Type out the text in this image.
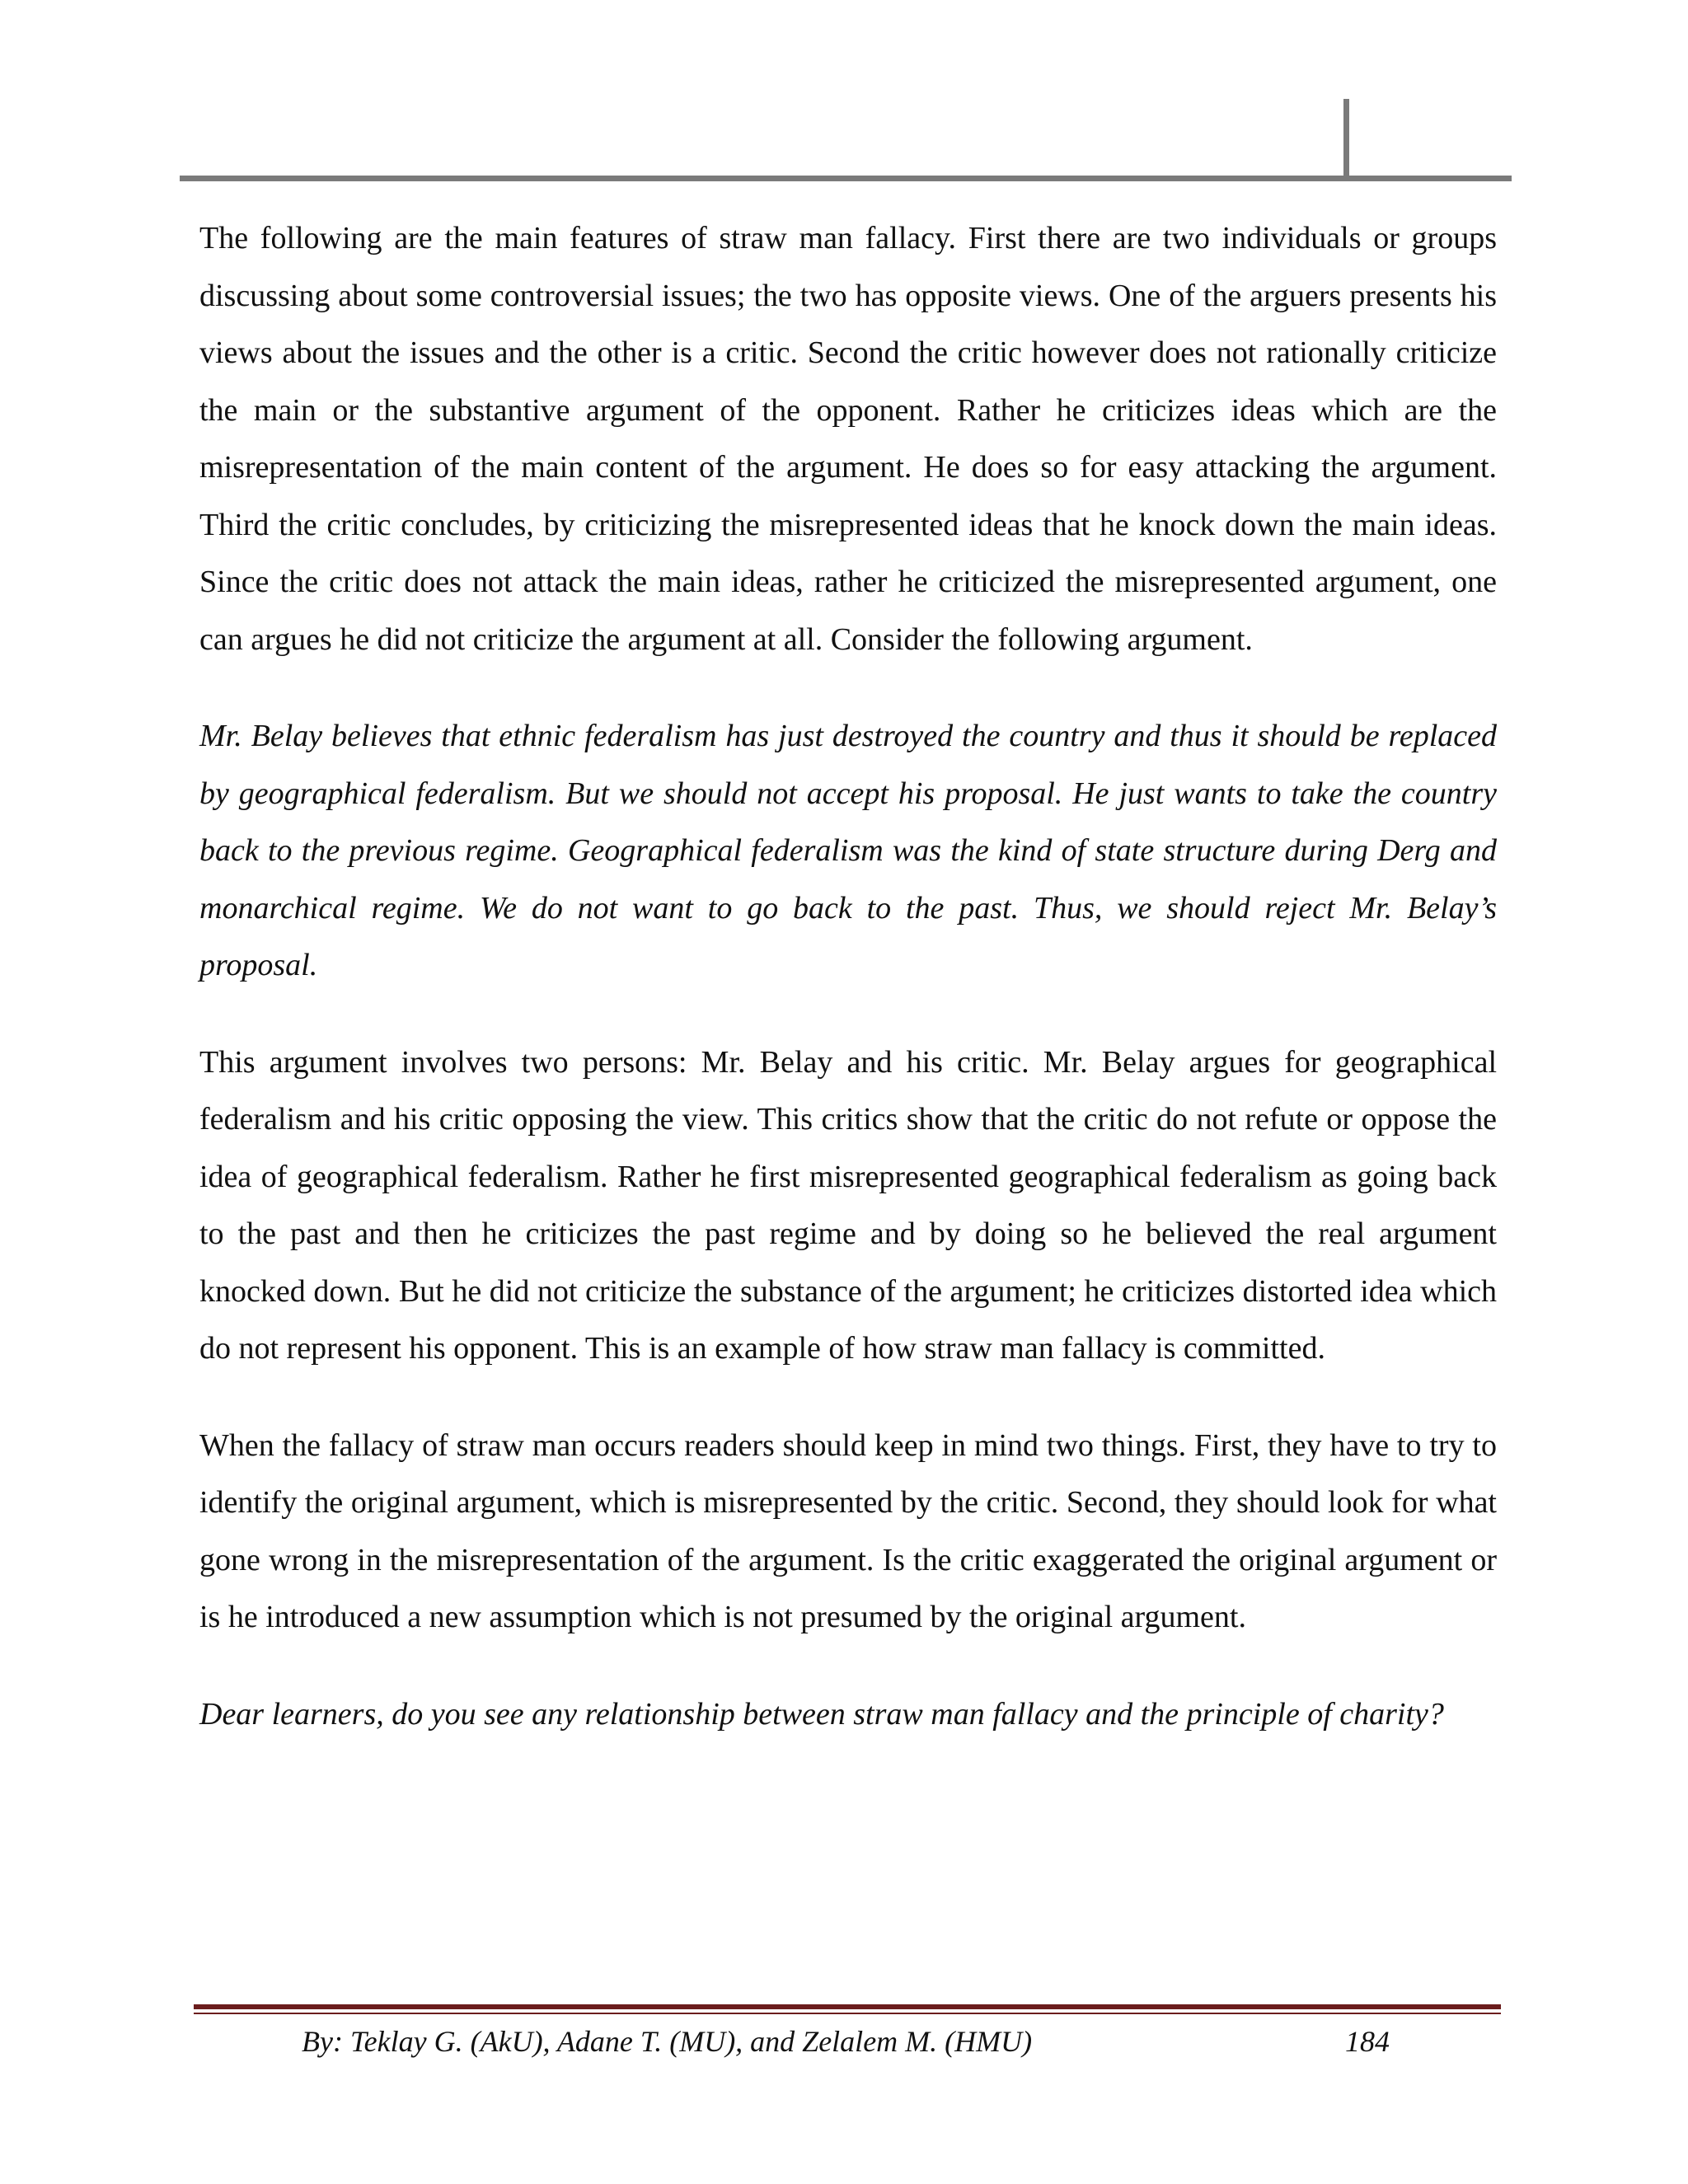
The following are the main features of straw man fallacy. First there are two individuals or groups discussing about some controversial issues; the two has opposite views. One of the arguers presents his views about the issues and the other is a critic. Second the critic however does not rationally criticize the main or the substantive argument of the opponent. Rather he criticizes ideas which are the misrepresentation of the main content of the argument. He does so for easy attacking the argument. Third the critic concludes, by criticizing the misrepresented ideas that he knock down the main ideas. Since the critic does not attack the main ideas, rather he criticized the misrepresented argument, one can argues he did not criticize the argument at all. Consider the following argument.

Mr. Belay believes that ethnic federalism has just destroyed the country and thus it should be replaced by geographical federalism. But we should not accept his proposal. He just wants to take the country back to the previous regime. Geographical federalism was the kind of state structure during Derg and monarchical regime. We do not want to go back to the past. Thus, we should reject Mr. Belay’s proposal.

This argument involves two persons: Mr. Belay and his critic. Mr. Belay argues for geographical federalism and his critic opposing the view. This critics show that the critic do not refute or oppose the idea of geographical federalism. Rather he first misrepresented geographical federalism as going back to the past and then he criticizes the past regime and by doing so he believed the real argument knocked down. But he did not criticize the substance of the argument; he criticizes distorted idea which do not represent his opponent. This is an example of how straw man fallacy is committed.

When the fallacy of straw man occurs readers should keep in mind two things. First, they have to try to identify the original argument, which is misrepresented by the critic. Second, they should look for what gone wrong in the misrepresentation of the argument. Is the critic exaggerated the original argument or is he introduced a new assumption which is not presumed by the original argument.

Dear learners, do you see any relationship between straw man fallacy and the principle of charity?

By: Teklay G. (AkU), Adane T. (MU), and Zelalem M. (HMU)	184
